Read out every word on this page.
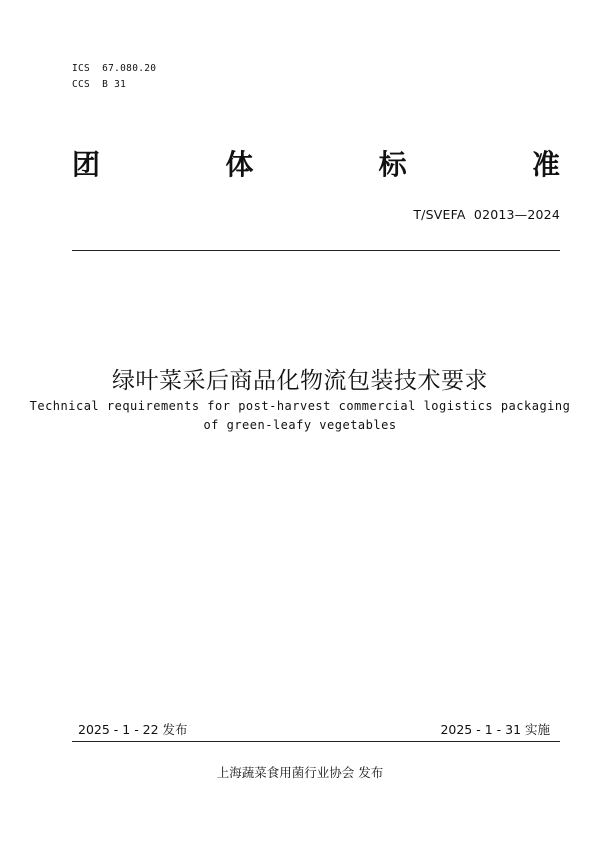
ICS  67.080.20
CCS  B 31
团	体	标	准
T/SVEFA  02013—2024
绿叶菜采后商品化物流包装技术要求
Technical requirements for post-harvest commercial logistics packaging
of green-leafy vegetables
2025 - 1 - 22 发布	2025 - 1 - 31 实施
上海蔬菜食用菌行业协会 发布
